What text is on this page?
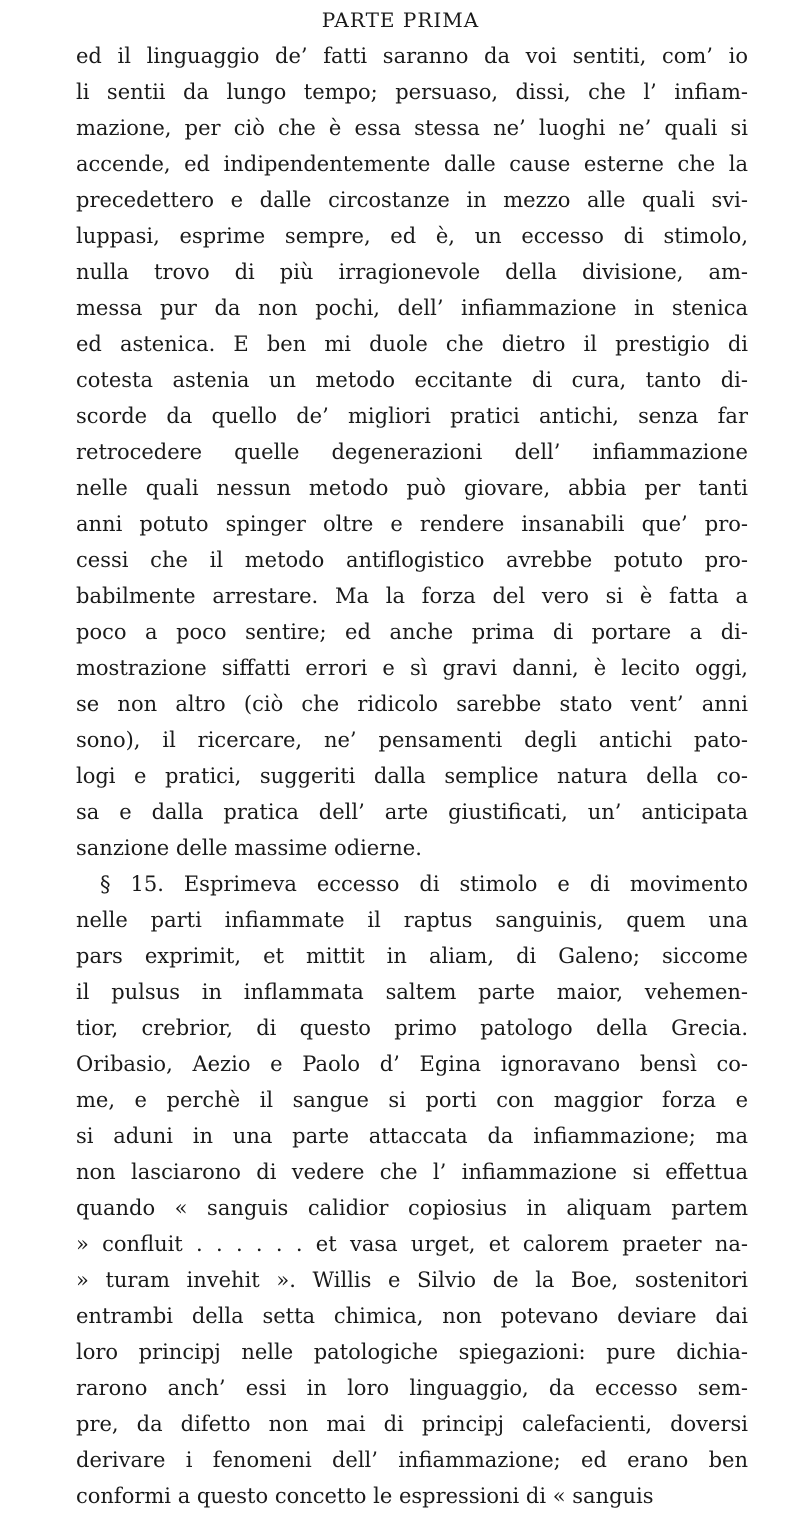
PARTE PRIMA
ed il linguaggio de’ fatti saranno da voi sentiti, com’ io
li sentii da lungo tempo; persuaso, dissi, che l’ infiam-
mazione, per ciò che è essa stessa ne’ luoghi ne’ quali si
accende, ed indipendentemente dalle cause esterne che la
precedettero e dalle circostanze in mezzo alle quali svi-
luppasi, esprime sempre, ed è, un eccesso di stimolo,
nulla trovo di più irragionevole della divisione, am-
messa pur da non pochi, dell’ infiammazione in stenica
ed astenica. E ben mi duole che dietro il prestigio di
cotesta astenia un metodo eccitante di cura, tanto di-
scorde da quello de’ migliori pratici antichi, senza far
retrocedere quelle degenerazioni dell’ infiammazione
nelle quali nessun metodo può giovare, abbia per tanti
anni potuto spinger oltre e rendere insanabili que’ pro-
cessi che il metodo antiflogistico avrebbe potuto pro-
babilmente arrestare. Ma la forza del vero si è fatta a
poco a poco sentire; ed anche prima di portare a di-
mostrazione siffatti errori e sì gravi danni, è lecito oggi,
se non altro (ciò che ridicolo sarebbe stato vent’ anni
sono), il ricercare, ne’ pensamenti degli antichi pato-
logi e pratici, suggeriti dalla semplice natura della co-
sa e dalla pratica dell’ arte giustificati, un’ anticipata
sanzione delle massime odierne.
§ 15. Esprimeva eccesso di stimolo e di movimento
nelle parti infiammate il raptus sanguinis, quem una
pars exprimit, et mittit in aliam, di Galeno; siccome
il pulsus in inflammata saltem parte maior, vehemen-
tior, crebrior, di questo primo patologo della Grecia.
Oribasio, Aezio e Paolo d’ Egina ignoravano bensì co-
me, e perchè il sangue si porti con maggior forza e
si aduni in una parte attaccata da infiammazione; ma
non lasciarono di vedere che l’ infiammazione si effettua
quando « sanguis calidior copiosius in aliquam partem
» confluit . . . . . . et vasa urget, et calorem praeter na-
» turam invehit ». Willis e Silvio de la Boe, sostenitori
entrambi della setta chimica, non potevano deviare dai
loro principj nelle patologiche spiegazioni: pure dichia-
rarono anch’ essi in loro linguaggio, da eccesso sem-
pre, da difetto non mai di principj calefacienti, doversi
derivare i fenomeni dell’ infiammazione; ed erano ben
conformi a questo concetto le espressioni di « sanguis
